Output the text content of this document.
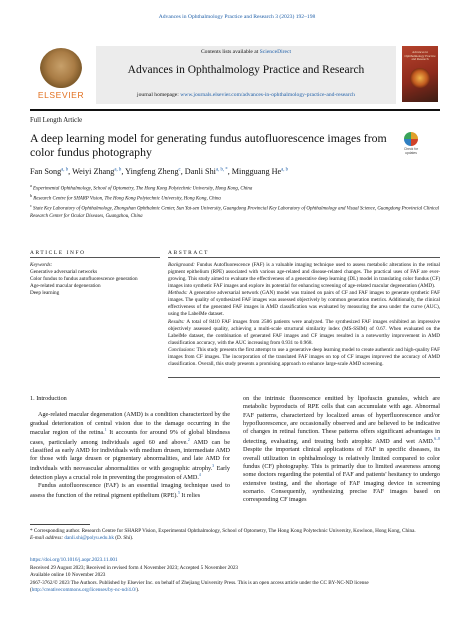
Advances in Ophthalmology Practice and Research 3 (2023) 192–198
ELSEVIER
Contents lists available at ScienceDirect
Advances in Ophthalmology Practice and Research
journal homepage: www.journals.elsevier.com/advances-in-ophthalmology-practice-and-research
Advances in Ophthalmology Practice and Research
Full Length Article
A deep learning model for generating fundus autofluorescence images from color fundus photography	Check for updates
Fan Song$^{a, b}$, Weiyi Zhang$^{a, b}$, Yingfeng Zheng$^c$, Danli Shi$^{a, b, *}$, Mingguang He$^{a, b}$
$^a$ Experimental Ophthalmology, School of Optometry, The Hong Kong Polytechnic University, Hong Kong, China
$^b$ Research Centre for SHARP Vision, The Hong Kong Polytechnic University, Hong Kong, China
$^c$ State Key Laboratory of Ophthalmology, Zhongshan Ophthalmic Center, Sun Yat-sen University, Guangdong Provincial Key Laboratory of Ophthalmology and Visual Science, Guangdong Provincial Clinical Research Center for Ocular Diseases, Guangzhou, China
ARTICLE INFO	ABSTRACT
Keywords:
Generative adversarial networks
Color fundus to fundus autofluorescence generation
Age-related macular degeneration
Deep learning

Background: Fundus Autofluorescence (FAF) is a valuable imaging technique used to assess metabolic alterations in the retinal pigment epithelium (RPE) associated with various age-related and disease-related changes. The practical uses of FAF are ever-growing. This study aimed to evaluate the effectiveness of a generative deep learning (DL) model in translating color fundus (CF) images into synthetic FAF images and explore its potential for enhancing screening of age-related macular degeneration (AMD).

Methods: A generative adversarial network (GAN) model was trained on pairs of CF and FAF images to generate synthetic FAF images. The quality of synthesized FAF images was assessed objectively by common generation metrics. Additionally, the clinical effectiveness of the generated FAF images in AMD classification was evaluated by measuring the area under the curve (AUC), using the LabelMe dataset.

Results: A total of 8410 FAF images from 2586 patients were analyzed. The synthesized FAF images exhibited an impressive objectively assessed quality, achieving a multi-scale structural similarity index (MS-SSIM) of 0.67. When evaluated on the LabelMe dataset, the combination of generated FAF images and CF images resulted in a noteworthy improvement in AMD classification accuracy, with the AUC increasing from 0.931 to 0.968.

Conclusions: This study presents the first attempt to use a generative deep learning model to create authentic and high-quality FAF images from CF images. The incorporation of the translated FAF images on top of CF images improved the accuracy of AMD classification. Overall, this study presents a promising approach to enhance large-scale AMD screening.

1. Introduction

Age-related macular degeneration (AMD) is a condition characterized by the gradual deterioration of central vision due to the damage occurring in the macular region of the retina.$^1$ It accounts for around 9% of global blindness cases, particularly among individuals aged 60 and above.$^2$ AMD can be classified as early AMD for individuals with medium drusen, intermediate AMD for those with large drusen or pigmentary abnormalities, and late AMD for individuals with neovascular abnormalities or with geographic atrophy.$^3$ Early detection plays a crucial role in preventing the progression of AMD.$^4$

Fundus autofluorescence (FAF) is an essential imaging technique used to assess the function of the retinal pigment epithelium (RPE).$^5$ It relies

on the intrinsic fluorescence emitted by lipofuscin granules, which are metabolic byproducts of RPE cells that can accumulate with age. Abnormal FAF patterns, characterized by localized areas of hyperfluorescence and/or hypofluorescence, are occasionally observed and are believed to be indicative of changes in retinal function. These patterns offers significant advantages in detecting, evaluating, and treating both atrophic AMD and wet AMD.$^{6-8}$ Despite the important clinical applications of FAF in specific diseases, its overall utilization in ophthalmology is relatively limited compared to color fundus (CF) photography. This is primarily due to limited awareness among some doctors regarding the potential of FAF and patients' hesitancy to undergo extensive testing, and the shortage of FAF imaging device in screening scenario. Consequently, synthesizing precise FAF images based on corresponding CF images

* Corresponding author. Research Centre for SHARP Vision, Experimental Ophthalmology, School of Optometry, The Hong Kong Polytechnic University, Kowloon, Hong Kong, China.
E-mail address: danli.shi@polyu.edu.hk (D. Shi).
https://doi.org/10.1016/j.aopr.2023.11.001
Received 29 August 2023; Received in revised form 4 November 2023; Accepted 5 November 2023
Available online 10 November 2023
2667-3762/© 2023 The Authors. Published by Elsevier Inc. on behalf of Zhejiang University Press. This is an open access article under the CC BY-NC-ND license (http://creativecommons.org/licenses/by-nc-nd/4.0/).
